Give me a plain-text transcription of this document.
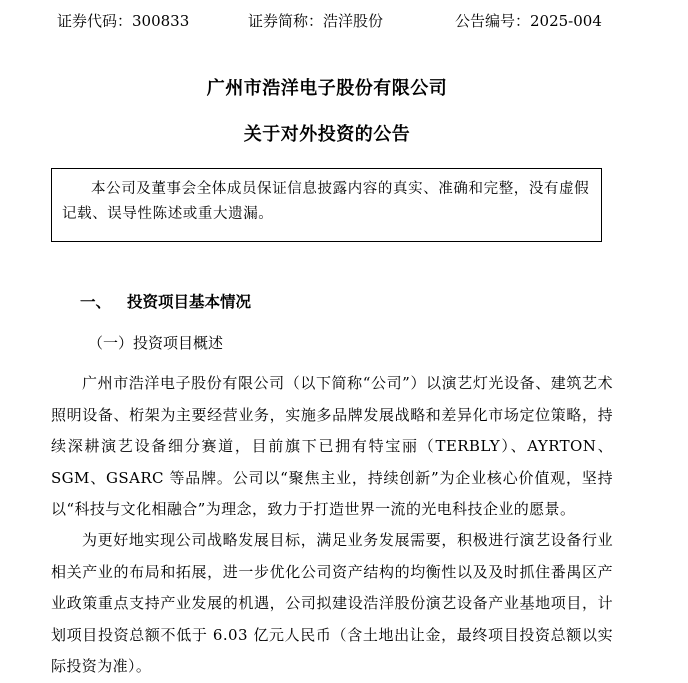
证券代码：300833	证券简称：浩洋股份	公告编号：2025-004
广州市浩洋电子股份有限公司
关于对外投资的公告
本公司及董事会全体成员保证信息披露内容的真实、准确和完整，没有虚假记载、误导性陈述或重大遗漏。
一、 投资项目基本情况
（一）投资项目概述
广州市浩洋电子股份有限公司（以下简称“公司”）以演艺灯光设备、建筑艺术照明设备、桁架为主要经营业务，实施多品牌发展战略和差异化市场定位策略，持续深耕演艺设备细分赛道，目前旗下已拥有特宝丽（TERBLY）、AYRTON、SGM、GSARC 等品牌。公司以“聚焦主业，持续创新”为企业核心价值观，坚持以“科技与文化相融合”为理念，致力于打造世界一流的光电科技企业的愿景。
为更好地实现公司战略发展目标，满足业务发展需要，积极进行演艺设备行业相关产业的布局和拓展，进一步优化公司资产结构的均衡性以及及时抓住番禺区产业政策重点支持产业发展的机遇，公司拟建设浩洋股份演艺设备产业基地项目，计划项目投资总额不低于 6.03 亿元人民币（含土地出让金，最终项目投资总额以实际投资为准）。
